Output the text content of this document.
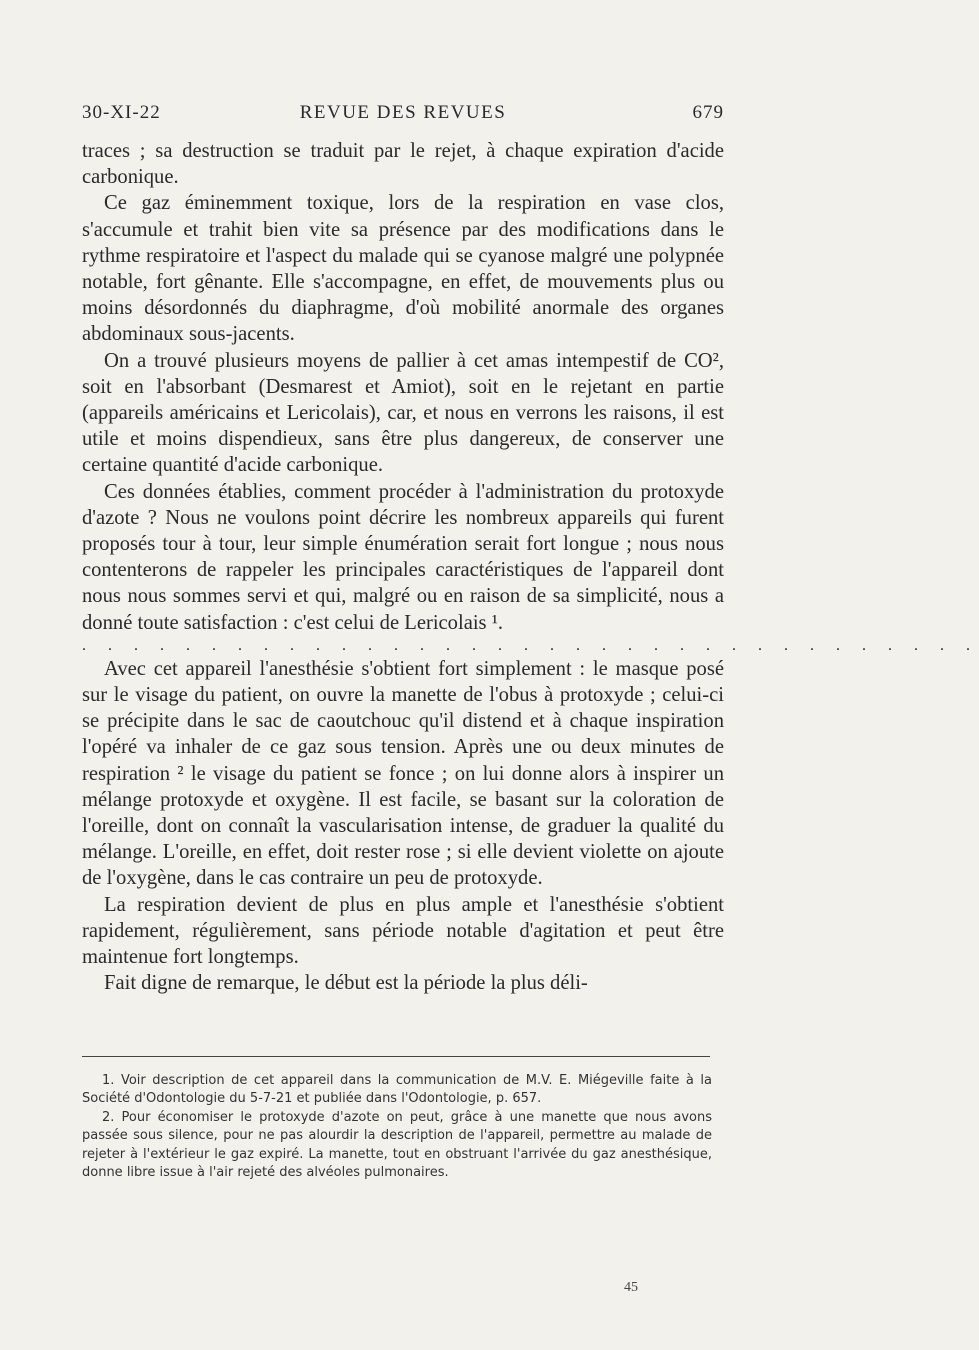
30-XI-22	REVUE DES REVUES	679

traces ; sa destruction se traduit par le rejet, à chaque expiration d'acide carbonique.

Ce gaz éminemment toxique, lors de la respiration en vase clos, s'accumule et trahit bien vite sa présence par des modifications dans le rythme respiratoire et l'aspect du malade qui se cyanose malgré une polypnée notable, fort gênante. Elle s'accompagne, en effet, de mouvements plus ou moins désordonnés du diaphragme, d'où mobilité anormale des organes abdominaux sous-jacents.

On a trouvé plusieurs moyens de pallier à cet amas intempestif de CO², soit en l'absorbant (Desmarest et Amiot), soit en le rejetant en partie (appareils américains et Lericolais), car, et nous en verrons les raisons, il est utile et moins dispendieux, sans être plus dangereux, de conserver une certaine quantité d'acide carbonique.

Ces données établies, comment procéder à l'administration du protoxyde d'azote ? Nous ne voulons point décrire les nombreux appareils qui furent proposés tour à tour, leur simple énumération serait fort longue ; nous nous contenterons de rappeler les principales caractéristiques de l'appareil dont nous nous sommes servi et qui, malgré ou en raison de sa simplicité, nous a donné toute satisfaction : c'est celui de Lericolais ¹.

. . . . . . . . . . . . . . . . . . . . . . . . . . . . . . . . . . .

Avec cet appareil l'anesthésie s'obtient fort simplement : le masque posé sur le visage du patient, on ouvre la manette de l'obus à protoxyde ; celui-ci se précipite dans le sac de caoutchouc qu'il distend et à chaque inspiration l'opéré va inhaler de ce gaz sous tension. Après une ou deux minutes de respiration ² le visage du patient se fonce ; on lui donne alors à inspirer un mélange protoxyde et oxygène. Il est facile, se basant sur la coloration de l'oreille, dont on connaît la vascularisation intense, de graduer la qualité du mélange. L'oreille, en effet, doit rester rose ; si elle devient violette on ajoute de l'oxygène, dans le cas contraire un peu de protoxyde.

La respiration devient de plus en plus ample et l'anesthésie s'obtient rapidement, régulièrement, sans période notable d'agitation et peut être maintenue fort longtemps.

Fait digne de remarque, le début est la période la plus déli-

1. Voir description de cet appareil dans la communication de M.V. E. Miégeville faite à la Société d'Odontologie du 5-7-21 et publiée dans l'Odontologie, p. 657.

2. Pour économiser le protoxyde d'azote on peut, grâce à une manette que nous avons passée sous silence, pour ne pas alourdir la description de l'appareil, permettre au malade de rejeter à l'extérieur le gaz expiré. La manette, tout en obstruant l'arrivée du gaz anesthésique, donne libre issue à l'air rejeté des alvéoles pulmonaires.

45
